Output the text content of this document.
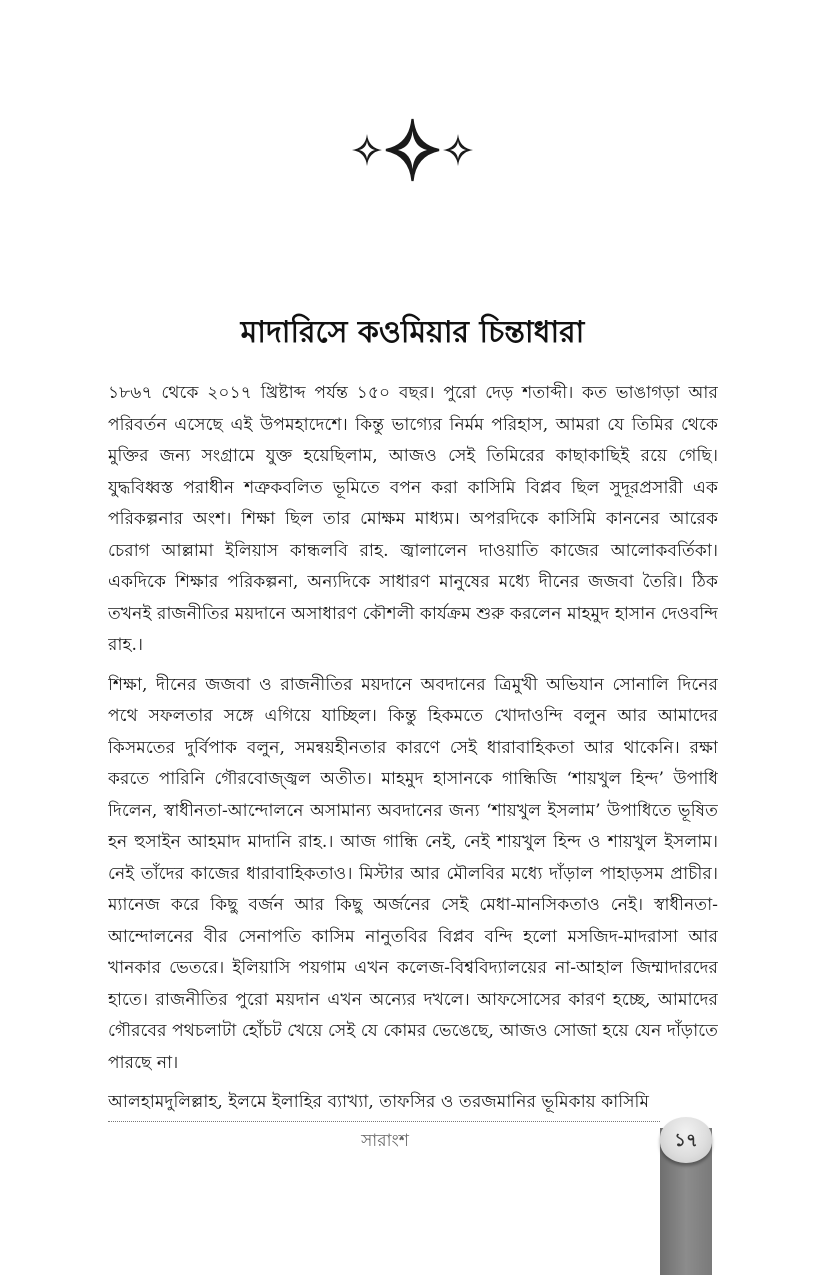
মাদারিসে কওমিয়ার চিন্তাধারা

১৮৬৭ থেকে ২০১৭ খ্রিষ্টাব্দ পর্যন্ত ১৫০ বছর। পুরো দেড় শতাব্দী। কত ভাঙাগড়া আর পরিবর্তন এসেছে এই উপমহাদেশে। কিন্তু ভাগ্যের নির্মম পরিহাস, আমরা যে তিমির থেকে মুক্তির জন্য সংগ্রামে যুক্ত হয়েছিলাম, আজও সেই তিমিরের কাছাকাছিই রয়ে গেছি। যুদ্ধবিধ্বস্ত পরাধীন শত্রুকবলিত ভূমিতে বপন করা কাসিমি বিপ্লব ছিল সুদূরপ্রসারী এক পরিকল্পনার অংশ। শিক্ষা ছিল তার মোক্ষম মাধ্যম। অপরদিকে কাসিমি কাননের আরেক চেরাগ আল্লামা ইলিয়াস কান্ধলবি রাহ. জ্বালালেন দাওয়াতি কাজের আলোকবর্তিকা। একদিকে শিক্ষার পরিকল্পনা, অন্যদিকে সাধারণ মানুষের মধ্যে দীনের জজবা তৈরি। ঠিক তখনই রাজনীতির ময়দানে অসাধারণ কৌশলী কার্যক্রম শুরু করলেন মাহমুদ হাসান দেওবন্দি রাহ.।

শিক্ষা, দীনের জজবা ও রাজনীতির ময়দানে অবদানের ত্রিমুখী অভিযান সোনালি দিনের পথে সফলতার সঙ্গে এগিয়ে যাচ্ছিল। কিন্তু হিকমতে খোদাওন্দি বলুন আর আমাদের কিসমতের দুর্বিপাক বলুন, সমন্বয়হীনতার কারণে সেই ধারাবাহিকতা আর থাকেনি। রক্ষা করতে পারিনি গৌরবোজ্জ্বল অতীত। মাহমুদ হাসানকে গান্ধিজি ‘শায়খুল হিন্দ’ উপাধি দিলেন, স্বাধীনতা-আন্দোলনে অসামান্য অবদানের জন্য ‘শায়খুল ইসলাম’ উপাধিতে ভূষিত হন হুসাইন আহমাদ মাদানি রাহ.। আজ গান্ধি নেই, নেই শায়খুল হিন্দ ও শায়খুল ইসলাম। নেই তাঁদের কাজের ধারাবাহিকতাও। মিস্টার আর মৌলবির মধ্যে দাঁড়াল পাহাড়সম প্রাচীর। ম্যানেজ করে কিছু বর্জন আর কিছু অর্জনের সেই মেধা-মানসিকতাও নেই। স্বাধীনতা-আন্দোলনের বীর সেনাপতি কাসিম নানুতবির বিপ্লব বন্দি হলো মসজিদ-মাদরাসা আর খানকার ভেতরে। ইলিয়াসি পয়গাম এখন কলেজ-বিশ্ববিদ্যালয়ের না-আহাল জিম্মাদারদের হাতে। রাজনীতির পুরো ময়দান এখন অন্যের দখলে। আফসোসের কারণ হচ্ছে, আমাদের গৌরবের পথচলাটা হোঁচট খেয়ে সেই যে কোমর ভেঙেছে, আজও সোজা হয়ে যেন দাঁড়াতে পারছে না।

আলহামদুলিল্লাহ, ইলমে ইলাহির ব্যাখ্যা, তাফসির ও তরজমানির ভূমিকায় কাসিমি

সারাংশ	১৭
